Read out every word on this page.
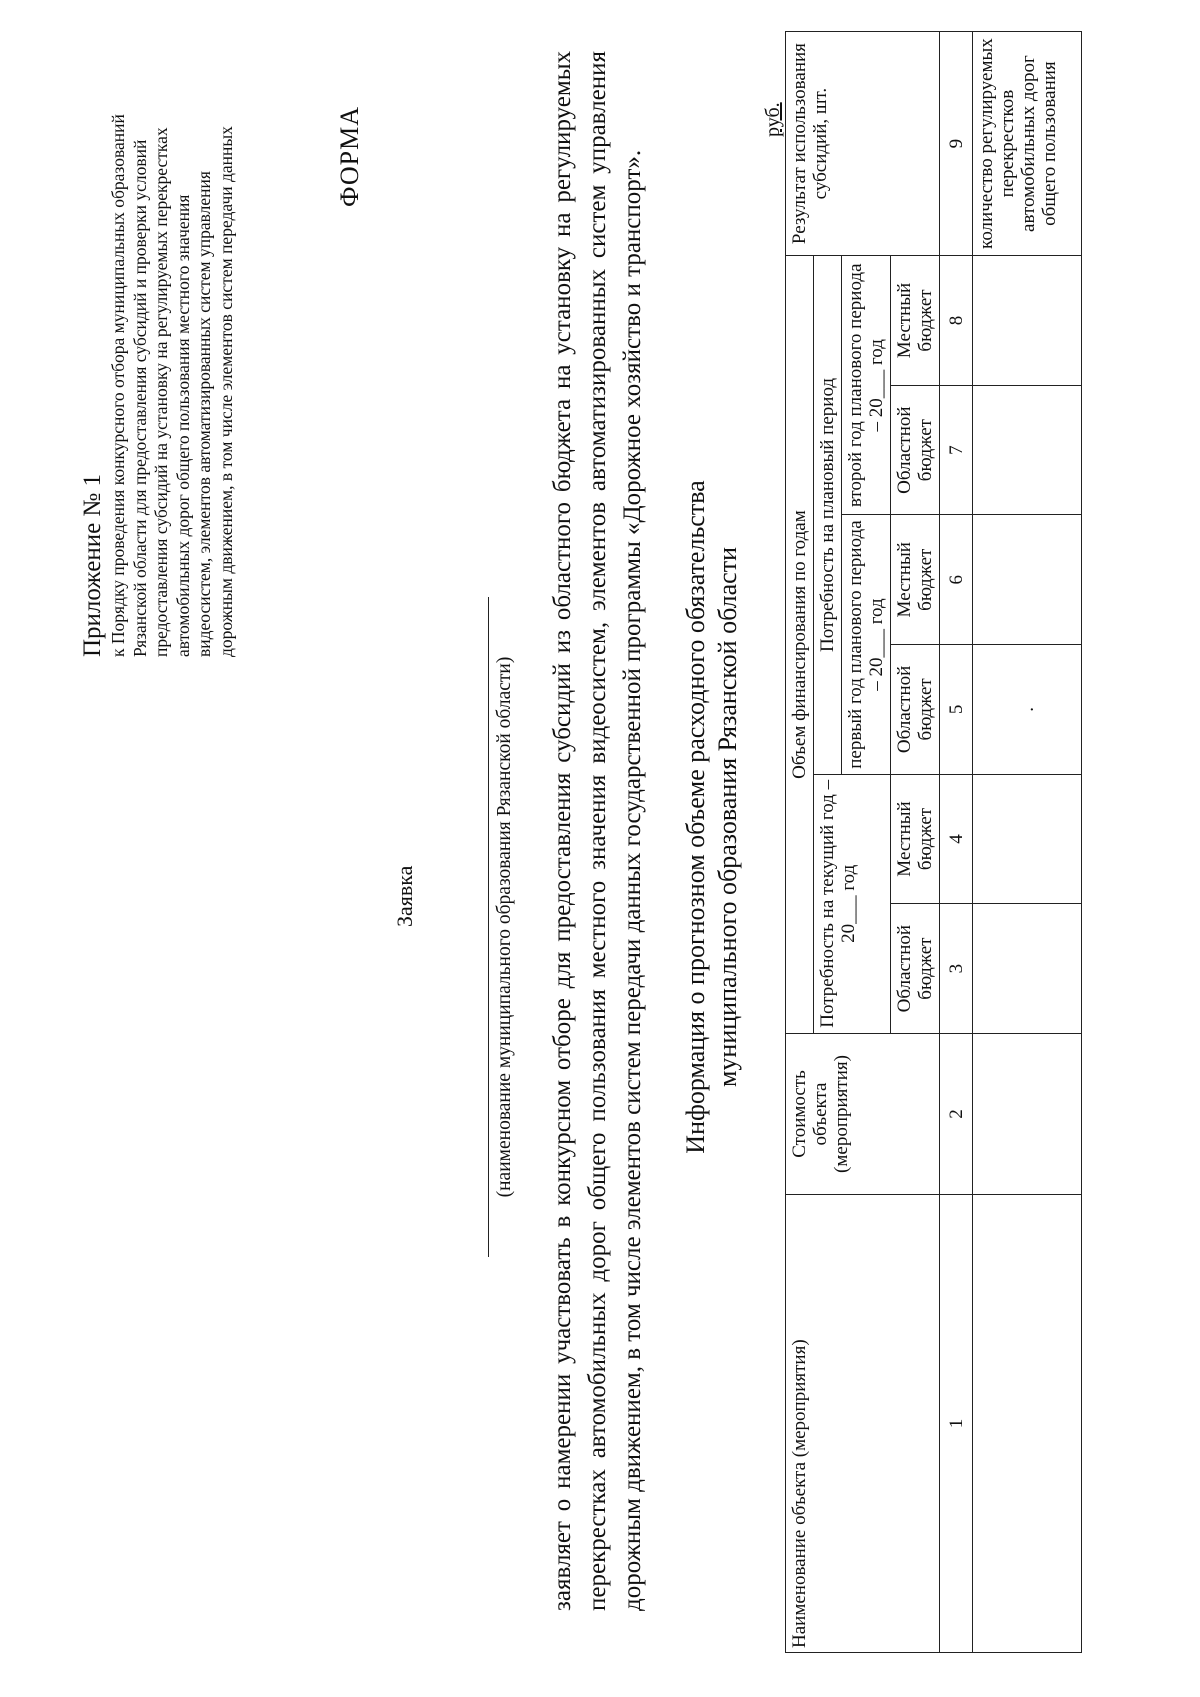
Приложение № 1 к Порядку проведения конкурсного отбора муниципальных образований Рязанской области для предоставления субсидий и проверки условий предоставления субсидий на установку на регулируемых перекрестках автомобильных дорог общего пользования местного значения видеосистем, элементов автоматизированных систем управления дорожным движением, в том числе элементов систем передачи данных	ФОРМА
Заявка	(наименование муниципального образования Рязанской области) заявляет о намерении участвовать в конкурсном отборе для предоставления субсидий из областного бюджета на установку на регулируемых перекрестках автомобильных дорог общего пользования местного значения видеосистем, элементов автоматизированных систем управления дорожным движением, в том числе элементов систем передачи данных государственной программы «Дорожное хозяйство и транспорт». Информация о прогнозном объеме расходного обязательства муниципального образования Рязанской области
руб.
Наименование объекта (мероприятия)	Стоимость объекта (мероприятия)	Объем финансирования по годам						Результат использования субсидий, шт.
		Потребность на текущий год – 20___ год		Потребность на плановый период				
				первый год планового периода – 20___ год		второй год планового периода – 20___ год		
		Областной бюджет	Местный бюджет	Областной бюджет	Местный бюджет	Областной бюджет	Местный бюджет	
1	2	3	4	5	6	7	8	9
				.				количество регулируемых перекрестков автомобильных дорог общего пользования
